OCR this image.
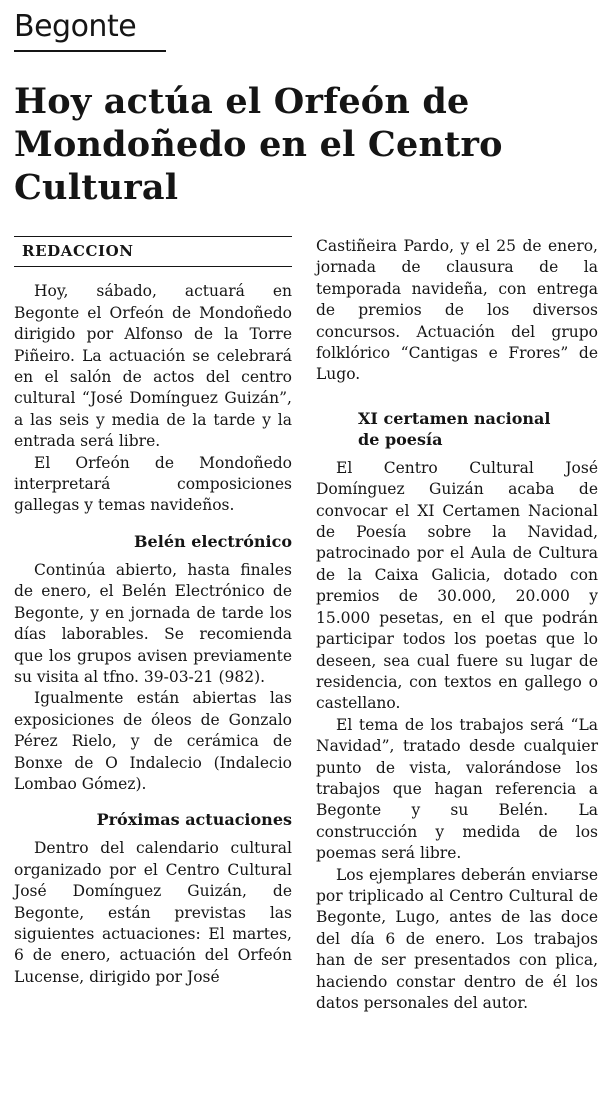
Begonte
Hoy actúa el Orfeón de Mondoñedo en el Centro Cultural
REDACCION

Hoy, sábado, actuará en Begonte el Orfeón de Mondoñedo dirigido por Alfonso de la Torre Piñeiro. La actuación se celebrará en el salón de actos del centro cultural “José Domínguez Guizán”, a las seis y media de la tarde y la entrada será libre.

El Orfeón de Mondoñedo interpretará composiciones gallegas y temas navideños.

Belén electrónico

Continúa abierto, hasta finales de enero, el Belén Electrónico de Begonte, y en jornada de tarde los días laborables. Se recomienda que los grupos avisen previamente su visita al tfno. 39-03-21 (982).

Igualmente están abiertas las exposiciones de óleos de Gonzalo Pérez Rielo, y de cerámica de Bonxe de O Indalecio (Indalecio Lombao Gómez).

Próximas actuaciones

Dentro del calendario cultural organizado por el Centro Cultural José Domínguez Guizán, de Begonte, están previstas las siguientes actuaciones: El martes, 6 de enero, actuación del Orfeón Lucense, dirigido por José

Castiñeira Pardo, y el 25 de enero, jornada de clausura de la temporada navideña, con entrega de premios de los diversos concursos. Actuación del grupo folklórico “Cantigas e Frores” de Lugo.

XI certamen nacional
de poesía

El Centro Cultural José Domínguez Guizán acaba de convocar el XI Certamen Nacional de Poesía sobre la Navidad, patrocinado por el Aula de Cultura de la Caixa Galicia, dotado con premios de 30.000, 20.000 y 15.000 pesetas, en el que podrán participar todos los poetas que lo deseen, sea cual fuere su lugar de residencia, con textos en gallego o castellano.

El tema de los trabajos será “La Navidad”, tratado desde cualquier punto de vista, valorándose los trabajos que hagan referencia a Begonte y su Belén. La construcción y medida de los poemas será libre.

Los ejemplares deberán enviarse por triplicado al Centro Cultural de Begonte, Lugo, antes de las doce del día 6 de enero. Los trabajos han de ser presentados con plica, haciendo constar dentro de él los datos personales del autor.
